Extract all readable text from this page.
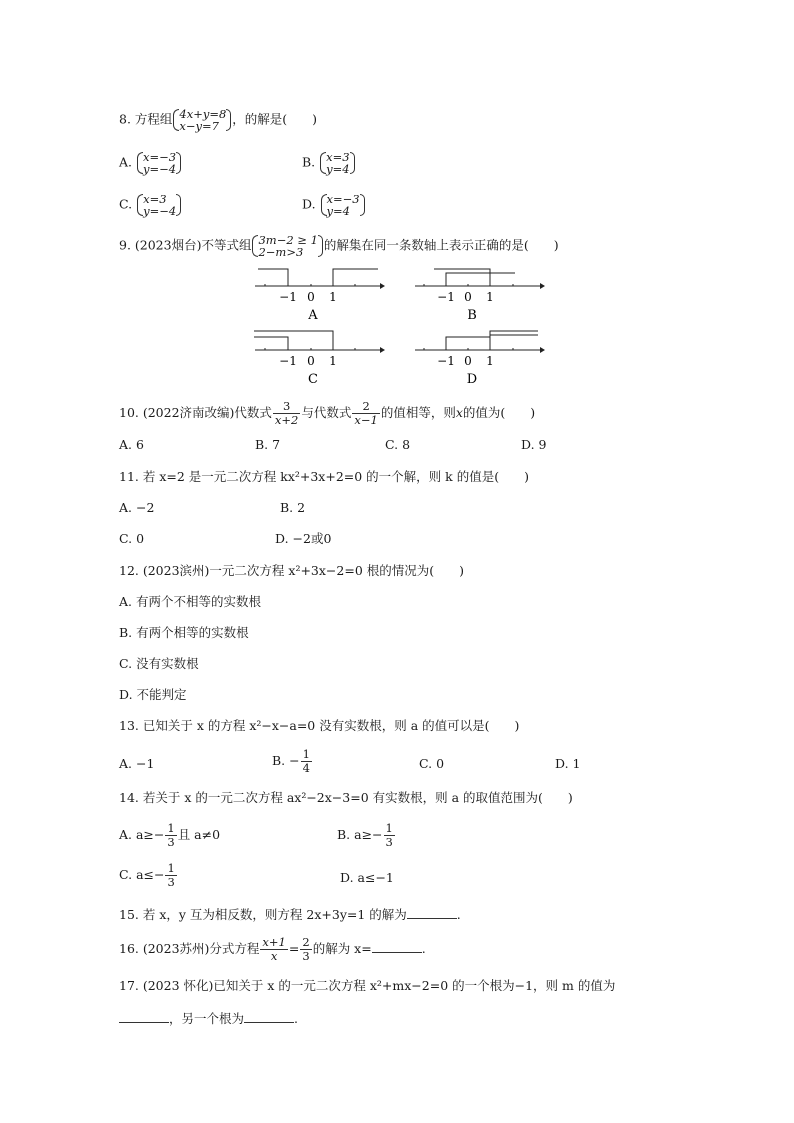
8. 方程组 4x+y=8
x−y=7	，的解是(　　)
A. x=−3
y=−4	B. x=3
y=4
C. x=3
y=−4	D. x=−3
y=4
9. (2023烟台)不等式组 3m−2 ≥ 1
2−m>3	的解集在同一条数轴上表示正确的是(　　)
−1 0 1
A
−1 0 1
B
−1 0 1
C
−1 0 1
D
10. (2022济南改编)代数式 $\frac{3}{x+2}$ 与代数式 $\frac{2}{x-1}$ 的值相等，则x的值为(　　)
A. 6	B. 7	C. 8	D. 9
11. 若 x=2 是一元二次方程 kx²+3x+2=0 的一个解，则 k 的值是(　　)
A. −2	B. 2
C. 0	D. −2或0
12. (2023滨州)一元二次方程 x²+3x−2=0 根的情况为(　　)
A. 有两个不相等的实数根
B. 有两个相等的实数根
C. 没有实数根
D. 不能判定
13. 已知关于 x 的方程 x²−x−a=0 没有实数根，则 a 的值可以是(　　)
A. −1	B. − $\frac{1}{4}$	C. 0	D. 1
14. 若关于 x 的一元二次方程 ax²−2x−3=0 有实数根，则 a 的取值范围为(　　)
A. $a\ge- \frac{1}{3}$ 且 a≠0	B. $a\ge- \frac{1}{3}$
C. $a\le- \frac{1}{3}$	D. a≤−1
15. 若 x，y 互为相反数，则方程 2x+3y=1 的解为	.
16. (2023苏州)分式方程 $\frac{x+1}{x} = \frac{2}{3}$ 的解为 x=	.
17. (2023 怀化)已知关于 x 的一元二次方程 x²+mx−2=0 的一个根为−1，则 m 的值为
，另一个根为	.
